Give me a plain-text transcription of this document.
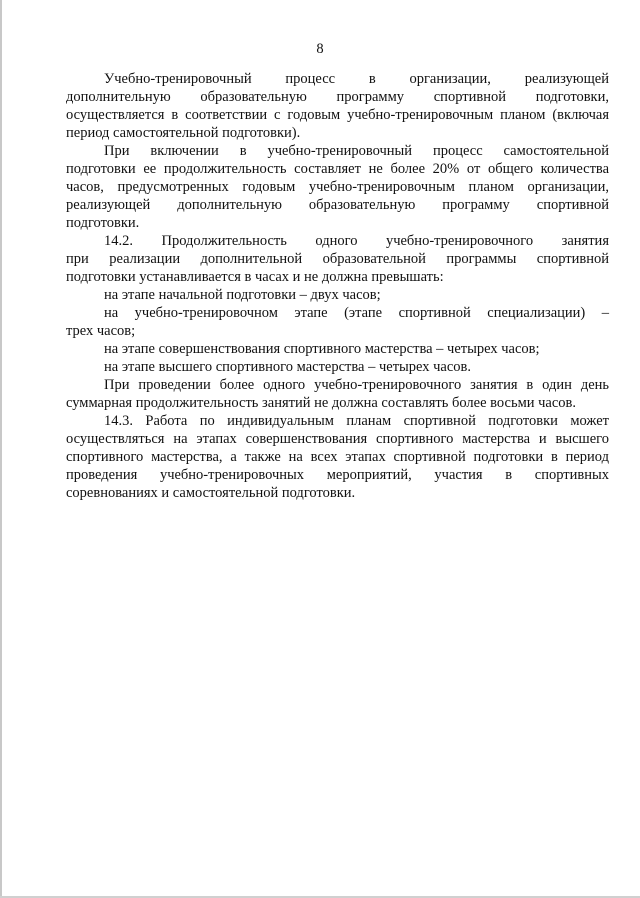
8
Учебно-тренировочный процесс в организации, реализующей
дополнительную образовательную программу спортивной подготовки,
осуществляется в соответствии с годовым учебно-тренировочным планом (включая
период самостоятельной подготовки).
При включении в учебно-тренировочный процесс самостоятельной
подготовки ее продолжительность составляет не более 20% от общего количества
часов, предусмотренных годовым учебно-тренировочным планом организации,
реализующей дополнительную образовательную программу спортивной
подготовки.
14.2. Продолжительность одного учебно-тренировочного занятия
при реализации дополнительной образовательной программы спортивной
подготовки устанавливается в часах и не должна превышать:
на этапе начальной подготовки – двух часов;
на учебно-тренировочном этапе (этапе спортивной специализации) –
трех часов;
на этапе совершенствования спортивного мастерства – четырех часов;
на этапе высшего спортивного мастерства – четырех часов.
При проведении более одного учебно-тренировочного занятия в один день
суммарная продолжительность занятий не должна составлять более восьми часов.
14.3. Работа по индивидуальным планам спортивной подготовки может
осуществляться на этапах совершенствования спортивного мастерства и высшего
спортивного мастерства, а также на всех этапах спортивной подготовки в период
проведения учебно-тренировочных мероприятий, участия в спортивных
соревнованиях и самостоятельной подготовки.
